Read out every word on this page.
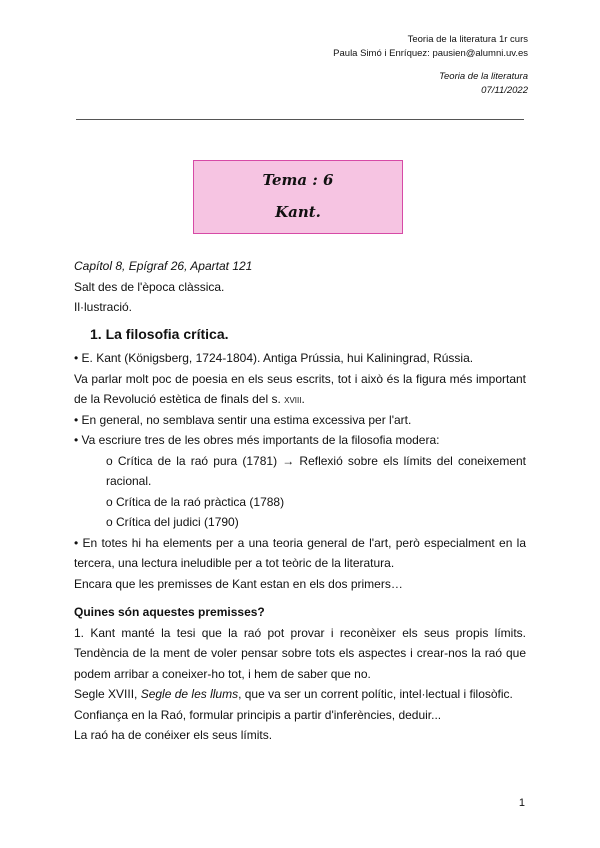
Teoria de la literatura 1r curs
Paula Simó i Enríquez: pausien@alumni.uv.es
Teoria de la literatura
07/11/2022
Tema : 6
Kant.

Capítol 8, Epígraf 26, Apartat 121

Salt des de l'època clàssica.

Il·lustració.

1. La filosofia crítica.

• E. Kant (Königsberg, 1724-1804). Antiga Prússia, hui Kaliningrad, Rússia.

Va parlar molt poc de poesia en els seus escrits, tot i això és la figura més important de la Revolució estètica de finals del s. xviii.

• En general, no semblava sentir una estima excessiva per l'art.

• Va escriure tres de les obres més importants de la filosofia modera:

o Crítica de la raó pura (1781) → Reflexió sobre els límits del coneixement racional.

o Crítica de la raó pràctica (1788)

o Crítica del judici (1790)

• En totes hi ha elements per a una teoria general de l'art, però especialment en la tercera, una lectura ineludible per a tot teòric de la literatura.

Encara que les premisses de Kant estan en els dos primers…

Quines són aquestes premisses?

1. Kant manté la tesi que la raó pot provar i reconèixer els seus propis límits. Tendència de la ment de voler pensar sobre tots els aspectes i crear-nos la raó que podem arribar a coneixer-ho tot, i hem de saber que no.

Segle XVIII, Segle de les llums, que va ser un corrent polític, intel·lectual i filosòfic.

Confiança en la Raó, formular principis a partir d'inferències, deduir...

La raó ha de conéixer els seus límits.

1
